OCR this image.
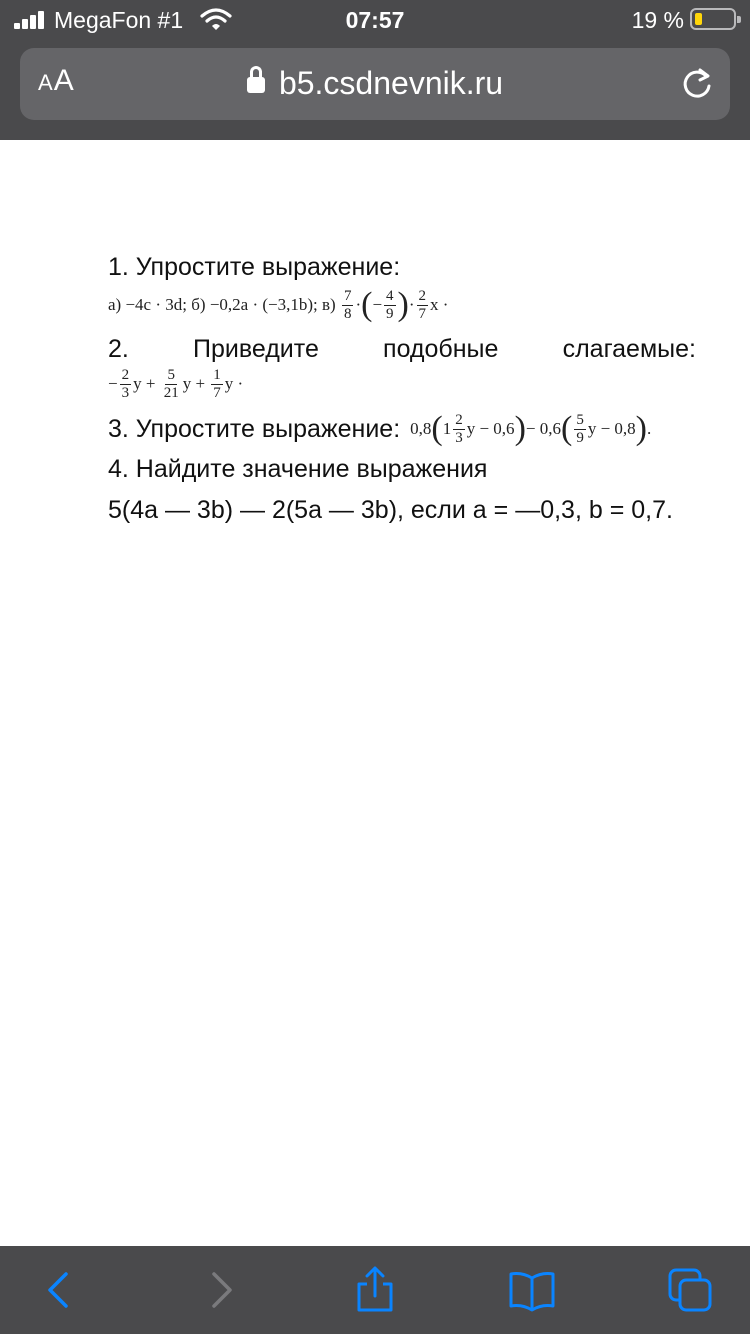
MegaFon #1	07:57	19 %
AA	b5.csdnevnik.ru
1. Упростите выражение:
а)
−4c · 3d;
б)
−0,2a · (−3,1b);
в)
$\frac{7}{8}$ · ( − $\frac{4}{9}$ ) · $\frac{2}{7}$ x ·
2.	Приведите	подобные	слагаемые:
− $\frac{2}{3}$ y
+
$\frac{5}{21}$ y
+
$\frac{1}{7}$ y ·
3. Упростите выражение: 0,8 ( $1 \frac{2}{3}$ y − 0,6 ) − 0,6 ( $\frac{5}{9}$ y − 0,8 ) .
4. Найдите значение выражения
5(4a — 3b) — 2(5a — 3b), если a = —0,3, b = 0,7.
